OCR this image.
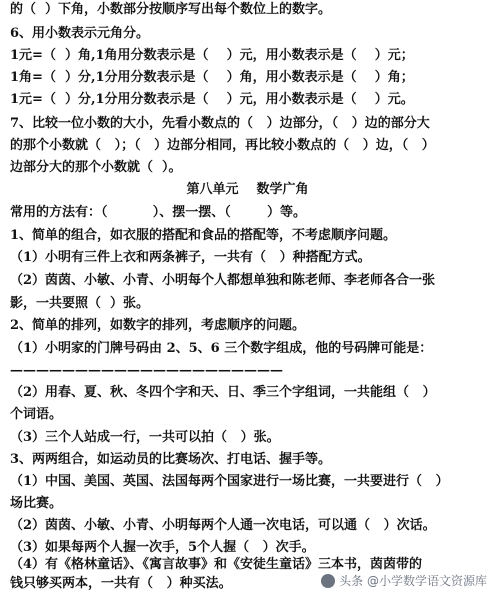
的（  ）下角，小数部分按顺序写出每个数位上的数字。
6、用小数表示元角分。
1元=（  ）角,1角用分数表示是（    ）元，用小数表示是（    ）元；
1角=（  ）分,1分用分数表示是（    ）角，用小数表示是（    ）角；
1元=（  ）分,1分用分数表示是（    ）元，用小数表示是（    ）元。
7、比较一位小数的大小，先看小数点的（   ）边部分，（   ）边的部分大
的那个小数就（   ）；（   ）边部分相同，再比较小数点的（   ）边，（   ）
边部分大的那个小数就（  ）。
第八单元    数学广角
常用的方法有：（          ）、摆一摆、（        ）等。
1、简单的组合，如衣服的搭配和食品的搭配等，不考虑顺序问题。
（1）小明有三件上衣和两条裤子，一共有（   ）种搭配方式。
（2）茵茵、小敏、小青、小明每个人都想单独和陈老师、李老师各合一张
影，一共要照（  ）张。
2、简单的排列，如数字的排列，考虑顺序的问题。
（1）小明家的门牌号码由 2、5、6 三个数字组成，他的号码牌可能是：
—————————————————————
（2）用春、夏、秋、冬四个字和天、日、季三个字组词，一共能组（   ）
个词语。
（3）三个人站成一行，一共可以拍（   ）张。
3、两两组合，如运动员的比赛场次、打电话、握手等。
（1）中国、美国、英国、法国每两个国家进行一场比赛，一共要进行（   ）
场比赛。
（2）茵茵、小敏、小青、小明每两个人通一次电话，可以通（   ）次话。
（3）如果每两个人握一次手，5个人握（   ）次手。
（4）有《格林童话》、《寓言故事》和《安徒生童话》三本书，茵茵带的
钱只够买两本，一共有（   ）种买法。	头条 @小学数学语文资源库
